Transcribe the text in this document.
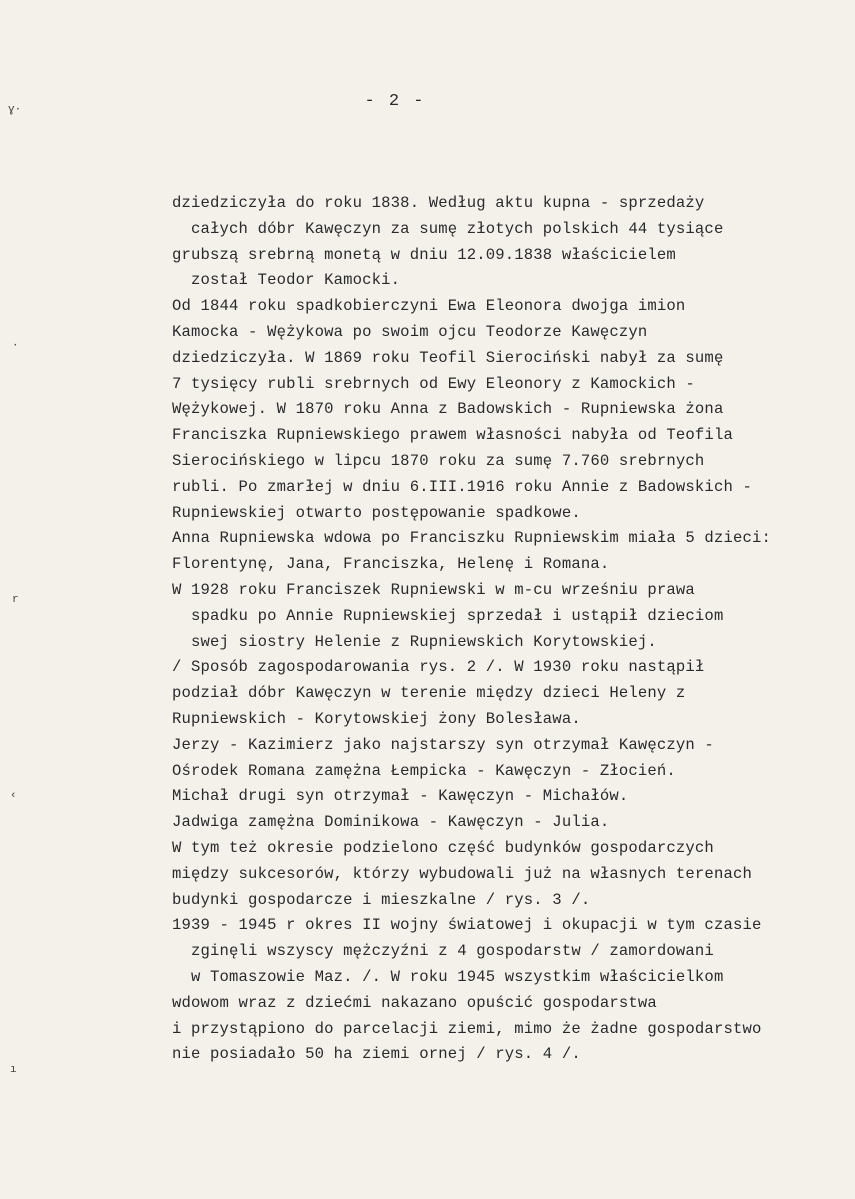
ɣ·
·
r
‹
ı
- 2 -
dziedziczyła do roku 1838. Według aktu kupna - sprzedaży
całych dóbr Kawęczyn za sumę złotych polskich 44 tysiące
grubszą srebrną monetą w dniu 12.09.1838 właścicielem
został Teodor Kamocki.
Od 1844 roku spadkobierczyni Ewa Eleonora dwojga imion
Kamocka - Wężykowa po swoim ojcu Teodorze Kawęczyn
dziedziczyła. W 1869 roku Teofil Sierociński nabył za sumę
7 tysięcy rubli srebrnych od Ewy Eleonory z Kamockich -
Wężykowej. W 1870 roku Anna z Badowskich - Rupniewska żona
Franciszka Rupniewskiego prawem własności nabyła od Teofila
Sierocińskiego w lipcu 1870 roku za sumę 7.760 srebrnych
rubli. Po zmarłej w dniu 6.III.1916 roku Annie z Badowskich -
Rupniewskiej otwarto postępowanie spadkowe.
Anna Rupniewska wdowa po Franciszku Rupniewskim miała 5 dzieci:
Florentynę, Jana, Franciszka, Helenę i Romana.
W 1928 roku Franciszek Rupniewski w m-cu wrześniu prawa
spadku po Annie Rupniewskiej sprzedał i ustąpił dzieciom
swej siostry Helenie z Rupniewskich Korytowskiej.
/ Sposób zagospodarowania rys. 2 /. W 1930 roku nastąpił
podział dóbr Kawęczyn w terenie między dzieci Heleny z
Rupniewskich - Korytowskiej żony Bolesława.
Jerzy - Kazimierz jako najstarszy syn otrzymał Kawęczyn -
Ośrodek Romana zamężna Łempicka - Kawęczyn - Złocień.
Michał drugi syn otrzymał - Kawęczyn - Michałów.
Jadwiga zamężna Dominikowa - Kawęczyn - Julia.
W tym też okresie podzielono część budynków gospodarczych
między sukcesorów, którzy wybudowali już na własnych terenach
budynki gospodarcze i mieszkalne / rys. 3 /.
1939 - 1945 r okres II wojny światowej i okupacji w tym czasie
zginęli wszyscy mężczyźni z 4 gospodarstw / zamordowani
w Tomaszowie Maz. /. W roku 1945 wszystkim właścicielkom
wdowom wraz z dziećmi nakazano opuścić gospodarstwa
i przystąpiono do parcelacji ziemi, mimo że żadne gospodarstwo
nie posiadało 50 ha ziemi ornej / rys. 4 /.
